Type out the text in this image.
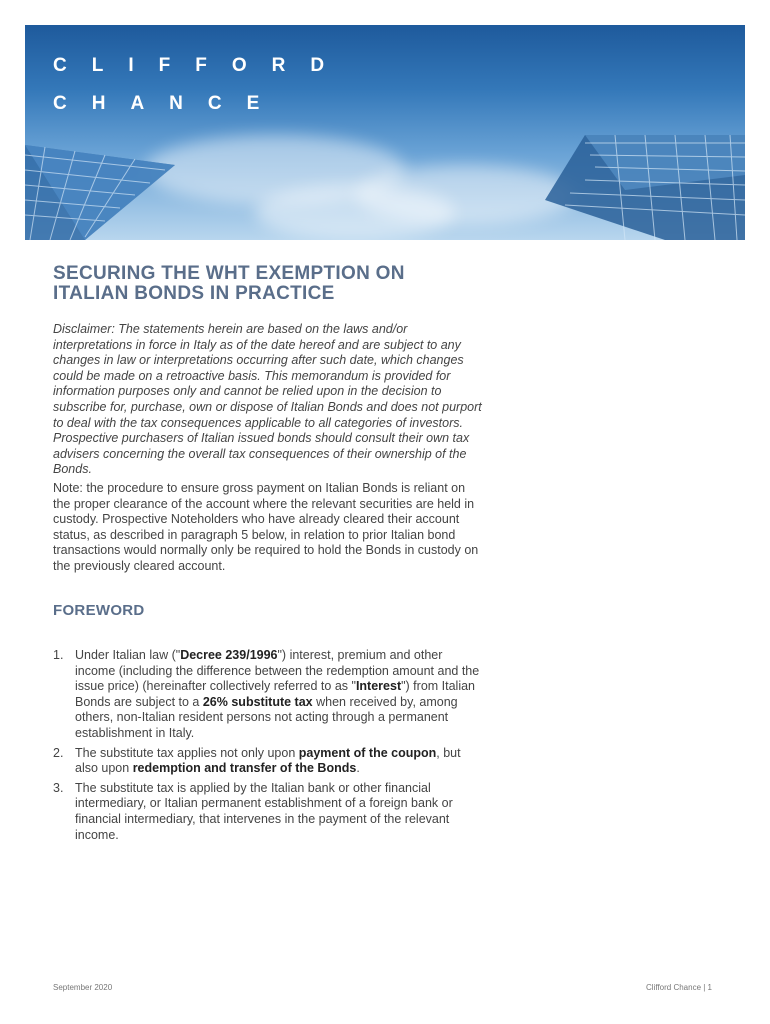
CLIFFORD
CHANCE
SECURING THE WHT EXEMPTION ON
ITALIAN BONDS IN PRACTICE

Disclaimer: The statements herein are based on the laws and/or interpretations in force in Italy as of the date hereof and are subject to any changes in law or interpretations occurring after such date, which changes could be made on a retroactive basis. This memorandum is provided for information purposes only and cannot be relied upon in the decision to subscribe for, purchase, own or dispose of Italian Bonds and does not purport to deal with the tax consequences applicable to all categories of investors. Prospective purchasers of Italian issued bonds should consult their own tax advisers concerning the overall tax consequences of their ownership of the Bonds.

Note: the procedure to ensure gross payment on Italian Bonds is reliant on the proper clearance of the account where the relevant securities are held in custody. Prospective Noteholders who have already cleared their account status, as described in paragraph 5 below, in relation to prior Italian bond transactions would normally only be required to hold the Bonds in custody on the previously cleared account.

FOREWORD
1. Under Italian law ("Decree 239/1996") interest, premium and other income (including the difference between the redemption amount and the issue price) (hereinafter collectively referred to as "Interest") from Italian Bonds are subject to a 26% substitute tax when received by, among others, non-Italian resident persons not acting through a permanent establishment in Italy.
2. The substitute tax applies not only upon payment of the coupon, but also upon redemption and transfer of the Bonds.
3. The substitute tax is applied by the Italian bank or other financial intermediary, or Italian permanent establishment of a foreign bank or financial intermediary, that intervenes in the payment of the relevant income.
September 2020	Clifford Chance | 1
